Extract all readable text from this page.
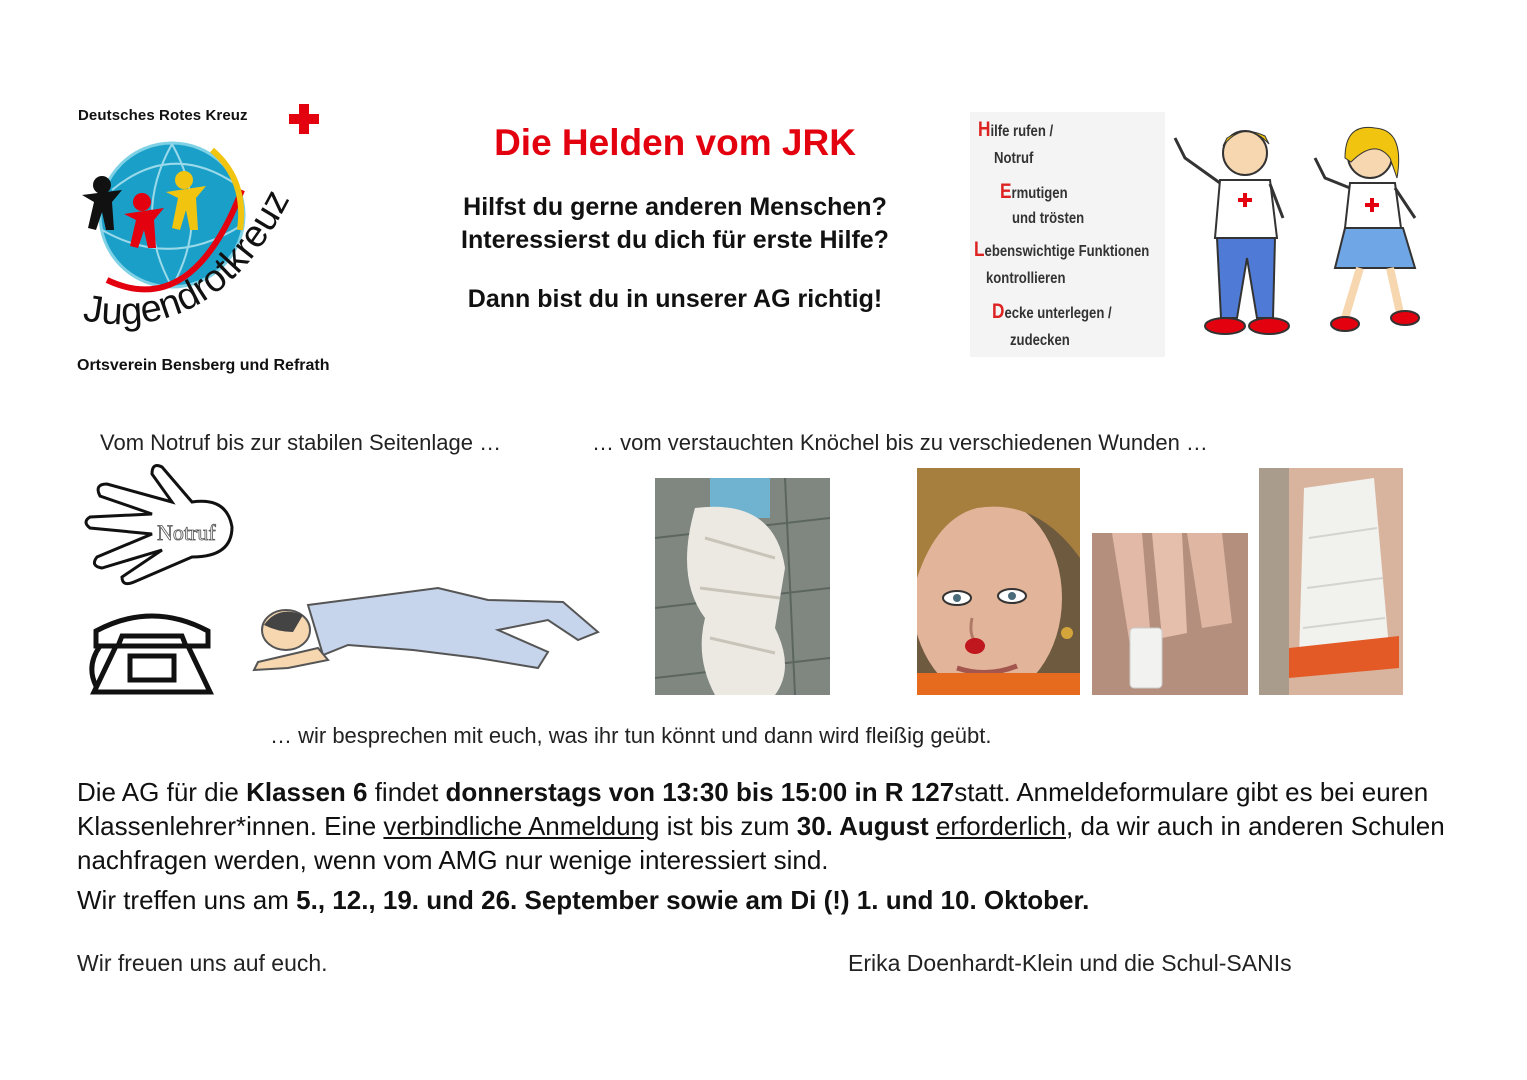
Deutsches Rotes Kreuz
Jugendrotkreuz
Ortsverein Bensberg und Refrath
Die Helden vom JRK
Hilfst du gerne anderen Menschen?
Interessierst du dich für erste Hilfe?
Dann bist du in unserer AG richtig!
Hilfe rufen /
Notruf
Ermutigen
und trösten
Lebenswichtige Funktionen
kontrollieren
Decke unterlegen /
zudecken
Vom Notruf bis zur stabilen Seitenlage …	… vom verstauchten Knöchel bis zu verschiedenen Wunden …
Notruf
… wir besprechen mit euch, was ihr tun könnt und dann wird fleißig geübt.
Die AG für die Klassen 6 findet donnerstags von 13:30 bis 15:00 in R 127statt. Anmeldeformulare gibt es bei euren Klassenlehrer*innen. Eine verbindliche Anmeldung ist bis zum 30. August erforderlich, da wir auch in anderen Schulen nachfragen werden, wenn vom AMG nur wenige interessiert sind.
Wir treffen uns am 5., 12., 19. und 26. September sowie am Di (!) 1. und 10. Oktober.
Wir freuen uns auf euch.	Erika Doenhardt-Klein und die Schul-SANIs
